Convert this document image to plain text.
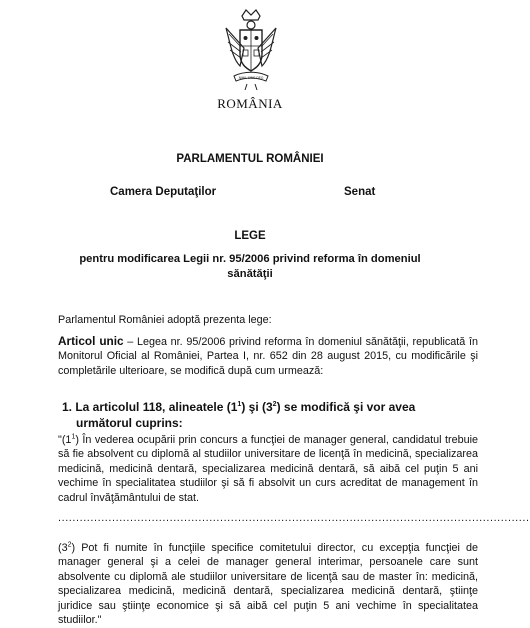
NIHIL SINE DEO
ROMÂNIA
PARLAMENTUL ROMÂNIEI
Camera Deputaţilor	Senat
LEGE
pentru modificarea Legii nr. 95/2006 privind reforma în domeniul
sănătăţii
Parlamentul României adoptă prezenta lege:
Articol unic – Legea nr. 95/2006 privind reforma în domeniul sănătăţii, republicată în Monitorul Oficial al României, Partea I, nr. 652 din 28 august 2015, cu modificările şi completările ulterioare, se modifică după cum urmează:
1. La articolul 118, alineatele $(1^1)$ şi $(3^2)$ se modifică şi vor avea
următorul cuprins:
"$(1^1)$ În vederea ocupării prin concurs a funcţiei de manager general, candidatul trebuie să fie absolvent cu diplomă al studiilor universitare de licenţă în medicină, specializarea medicină, medicină dentară, specializarea medicină dentară, să aibă cel puţin 5 ani vechime în specialitatea studiilor şi să fi absolvit un curs acreditat de management în cadrul învăţământului de stat.
...................................................................................................................................
$(3^2)$ Pot fi numite în funcţiile specifice comitetului director, cu excepţia funcţiei de manager general şi a celei de manager general interimar, persoanele care sunt absolvente cu diplomă ale studiilor universitare de licenţă sau de master în: medicină, specializarea medicină, medicină dentară, specializarea medicină dentară, ştiinţe juridice sau ştiinţe economice şi să aibă cel puţin 5 ani vechime în specialitatea studiilor."
